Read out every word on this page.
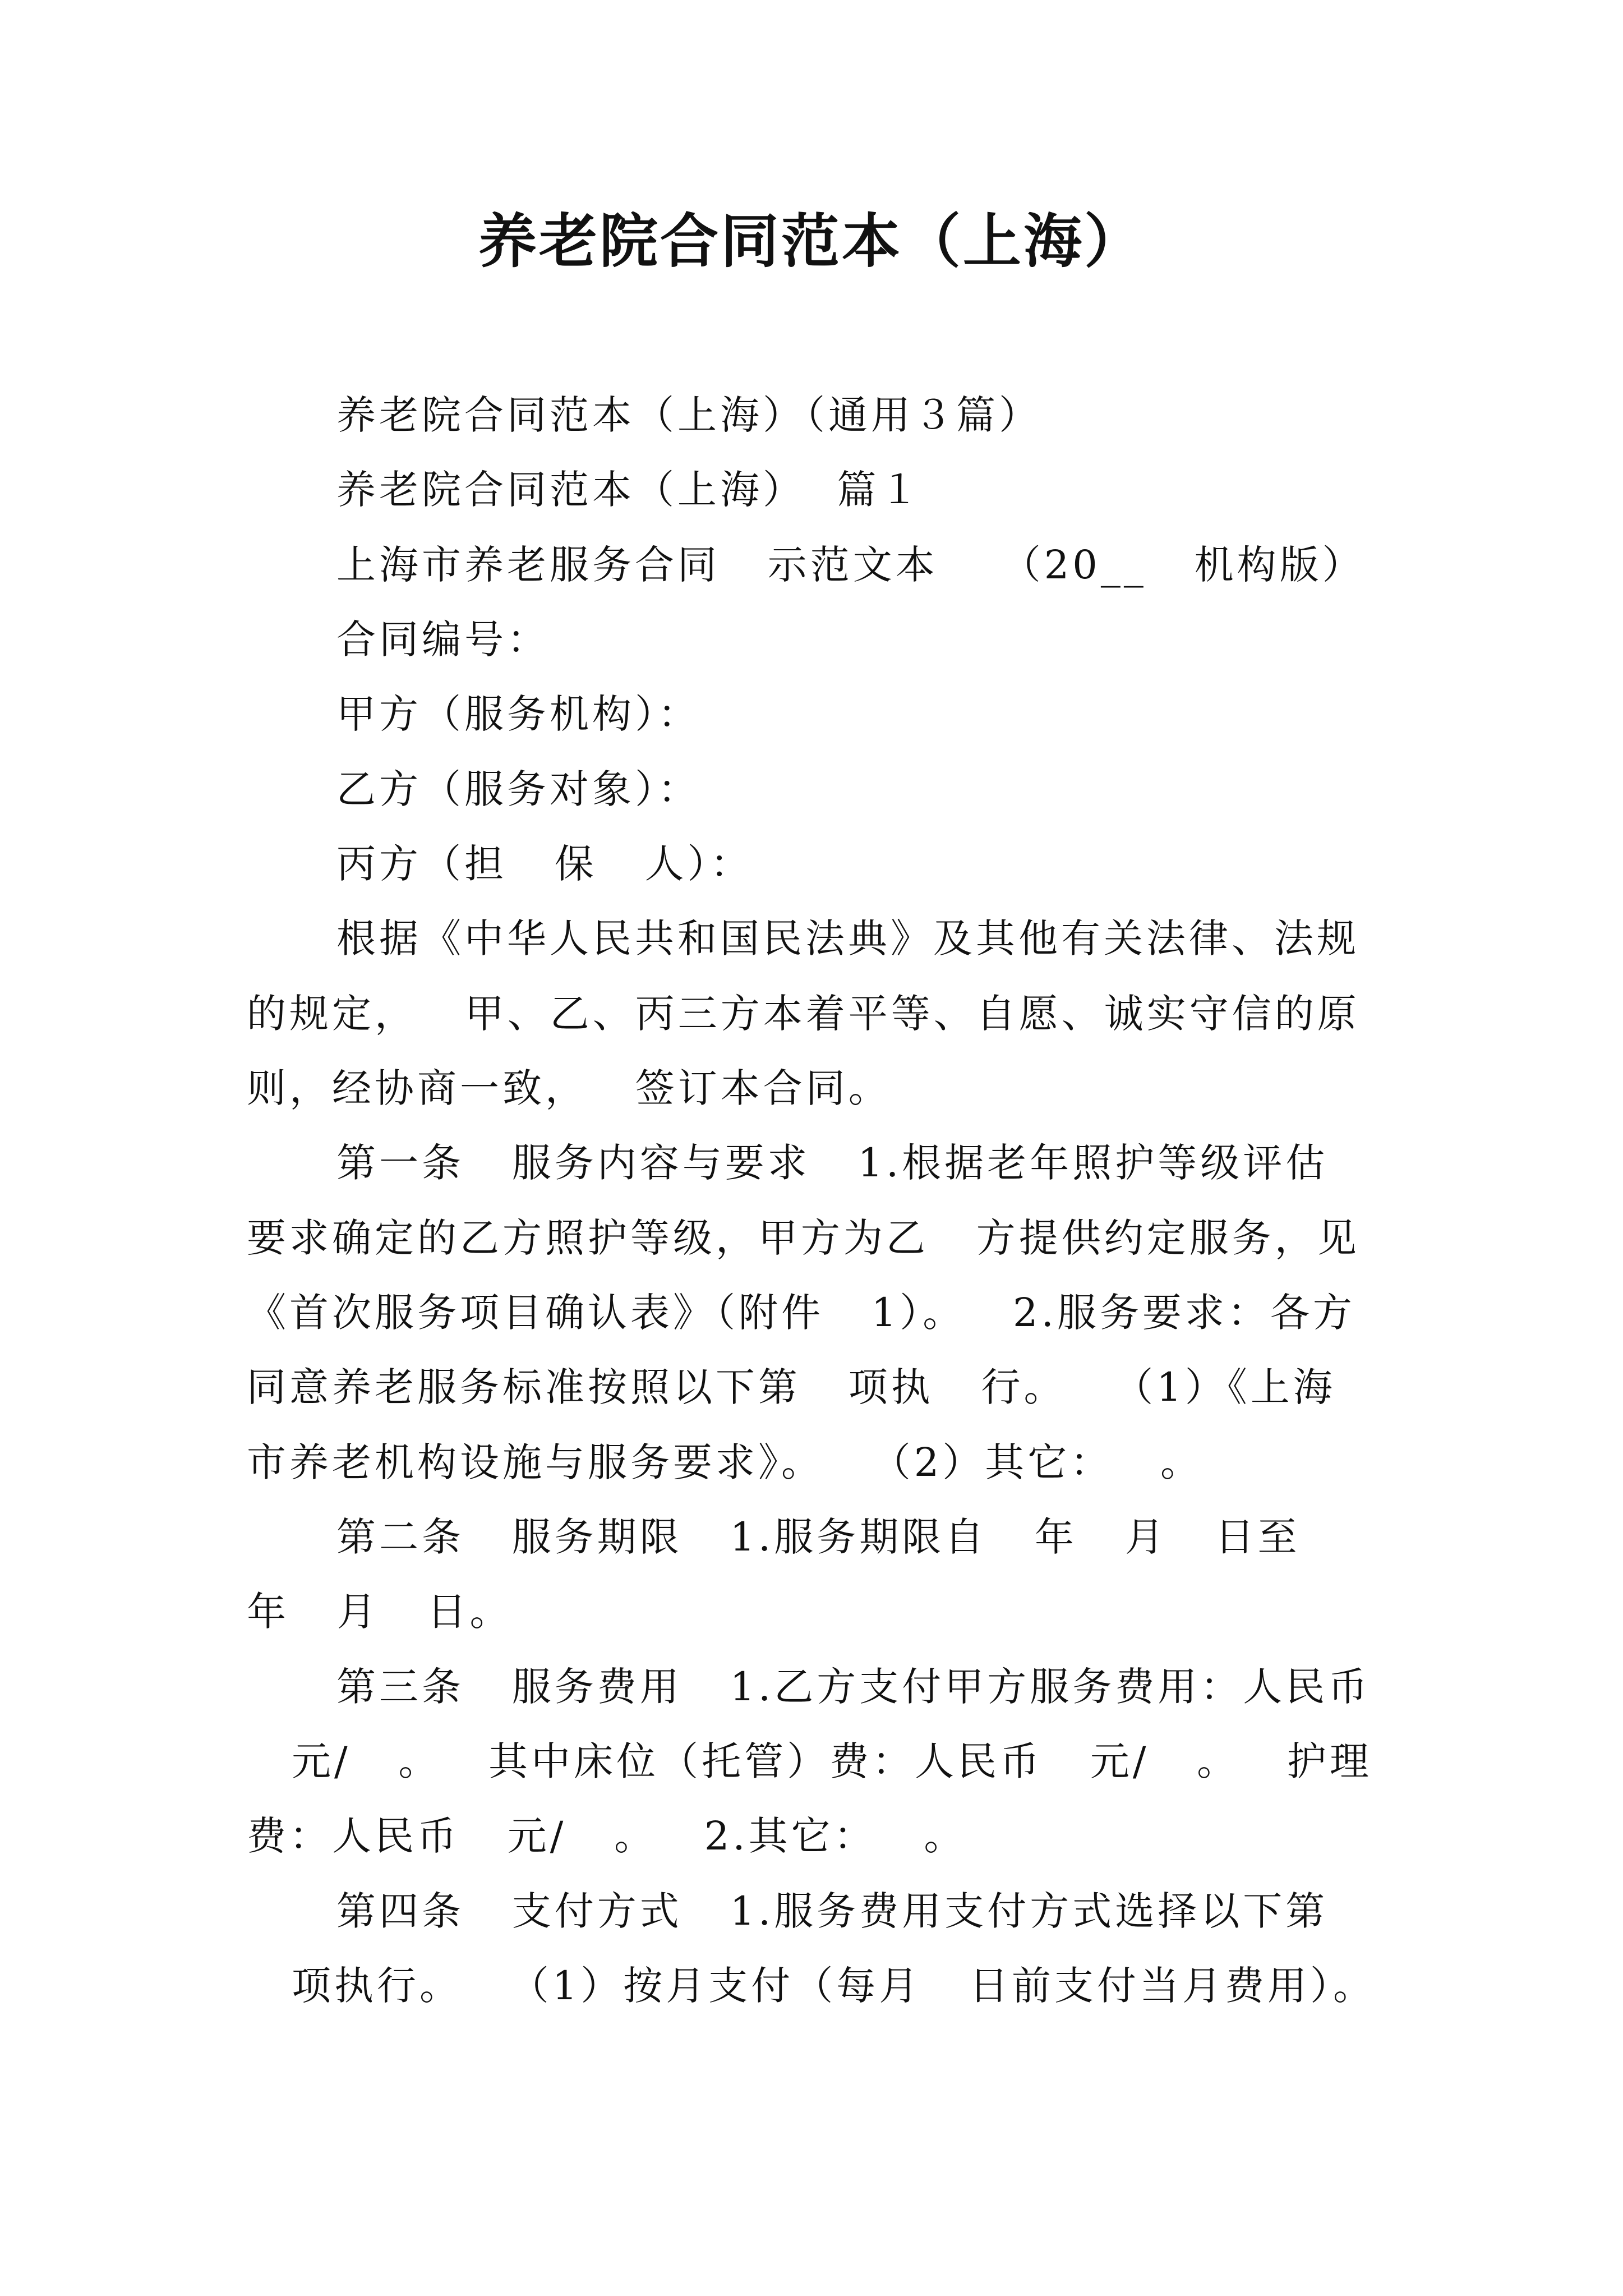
养老院合同范本（上海）

养老院合同范本（上海）（通用３篇）

养老院合同范本（上海）  篇１

上海市养老服务合同   示范文本    （20__   机构版）

合同编号：

甲方（服务机构）：

乙方（服务对象）：

丙方（担   保   人）：

根据《中华人民共和国民法典》及其他有关法律、法规

的规定，   甲、乙、丙三方本着平等、自愿、诚实守信的原

则，经协商一致，   签订本合同。

第一条   服务内容与要求   1.根据老年照护等级评估

要求确定的乙方照护等级，甲方为乙   方提供约定服务，见

《首次服务项目确认表》（附件   1）。   2.服务要求：各方

同意养老服务标准按照以下第   项执   行。   （1）《上海

市养老机构设施与服务要求》。   （2）其它：   。

第二条   服务期限   1.服务期限自   年   月   日至

年   月   日。

第三条   服务费用   1.乙方支付甲方服务费用：人民币

元/   。   其中床位（托管）费：人民币   元/   。   护理

费：人民币   元/   。   2.其它：   。

第四条   支付方式   1.服务费用支付方式选择以下第

项执行。   （1）按月支付（每月   日前支付当月费用）。
